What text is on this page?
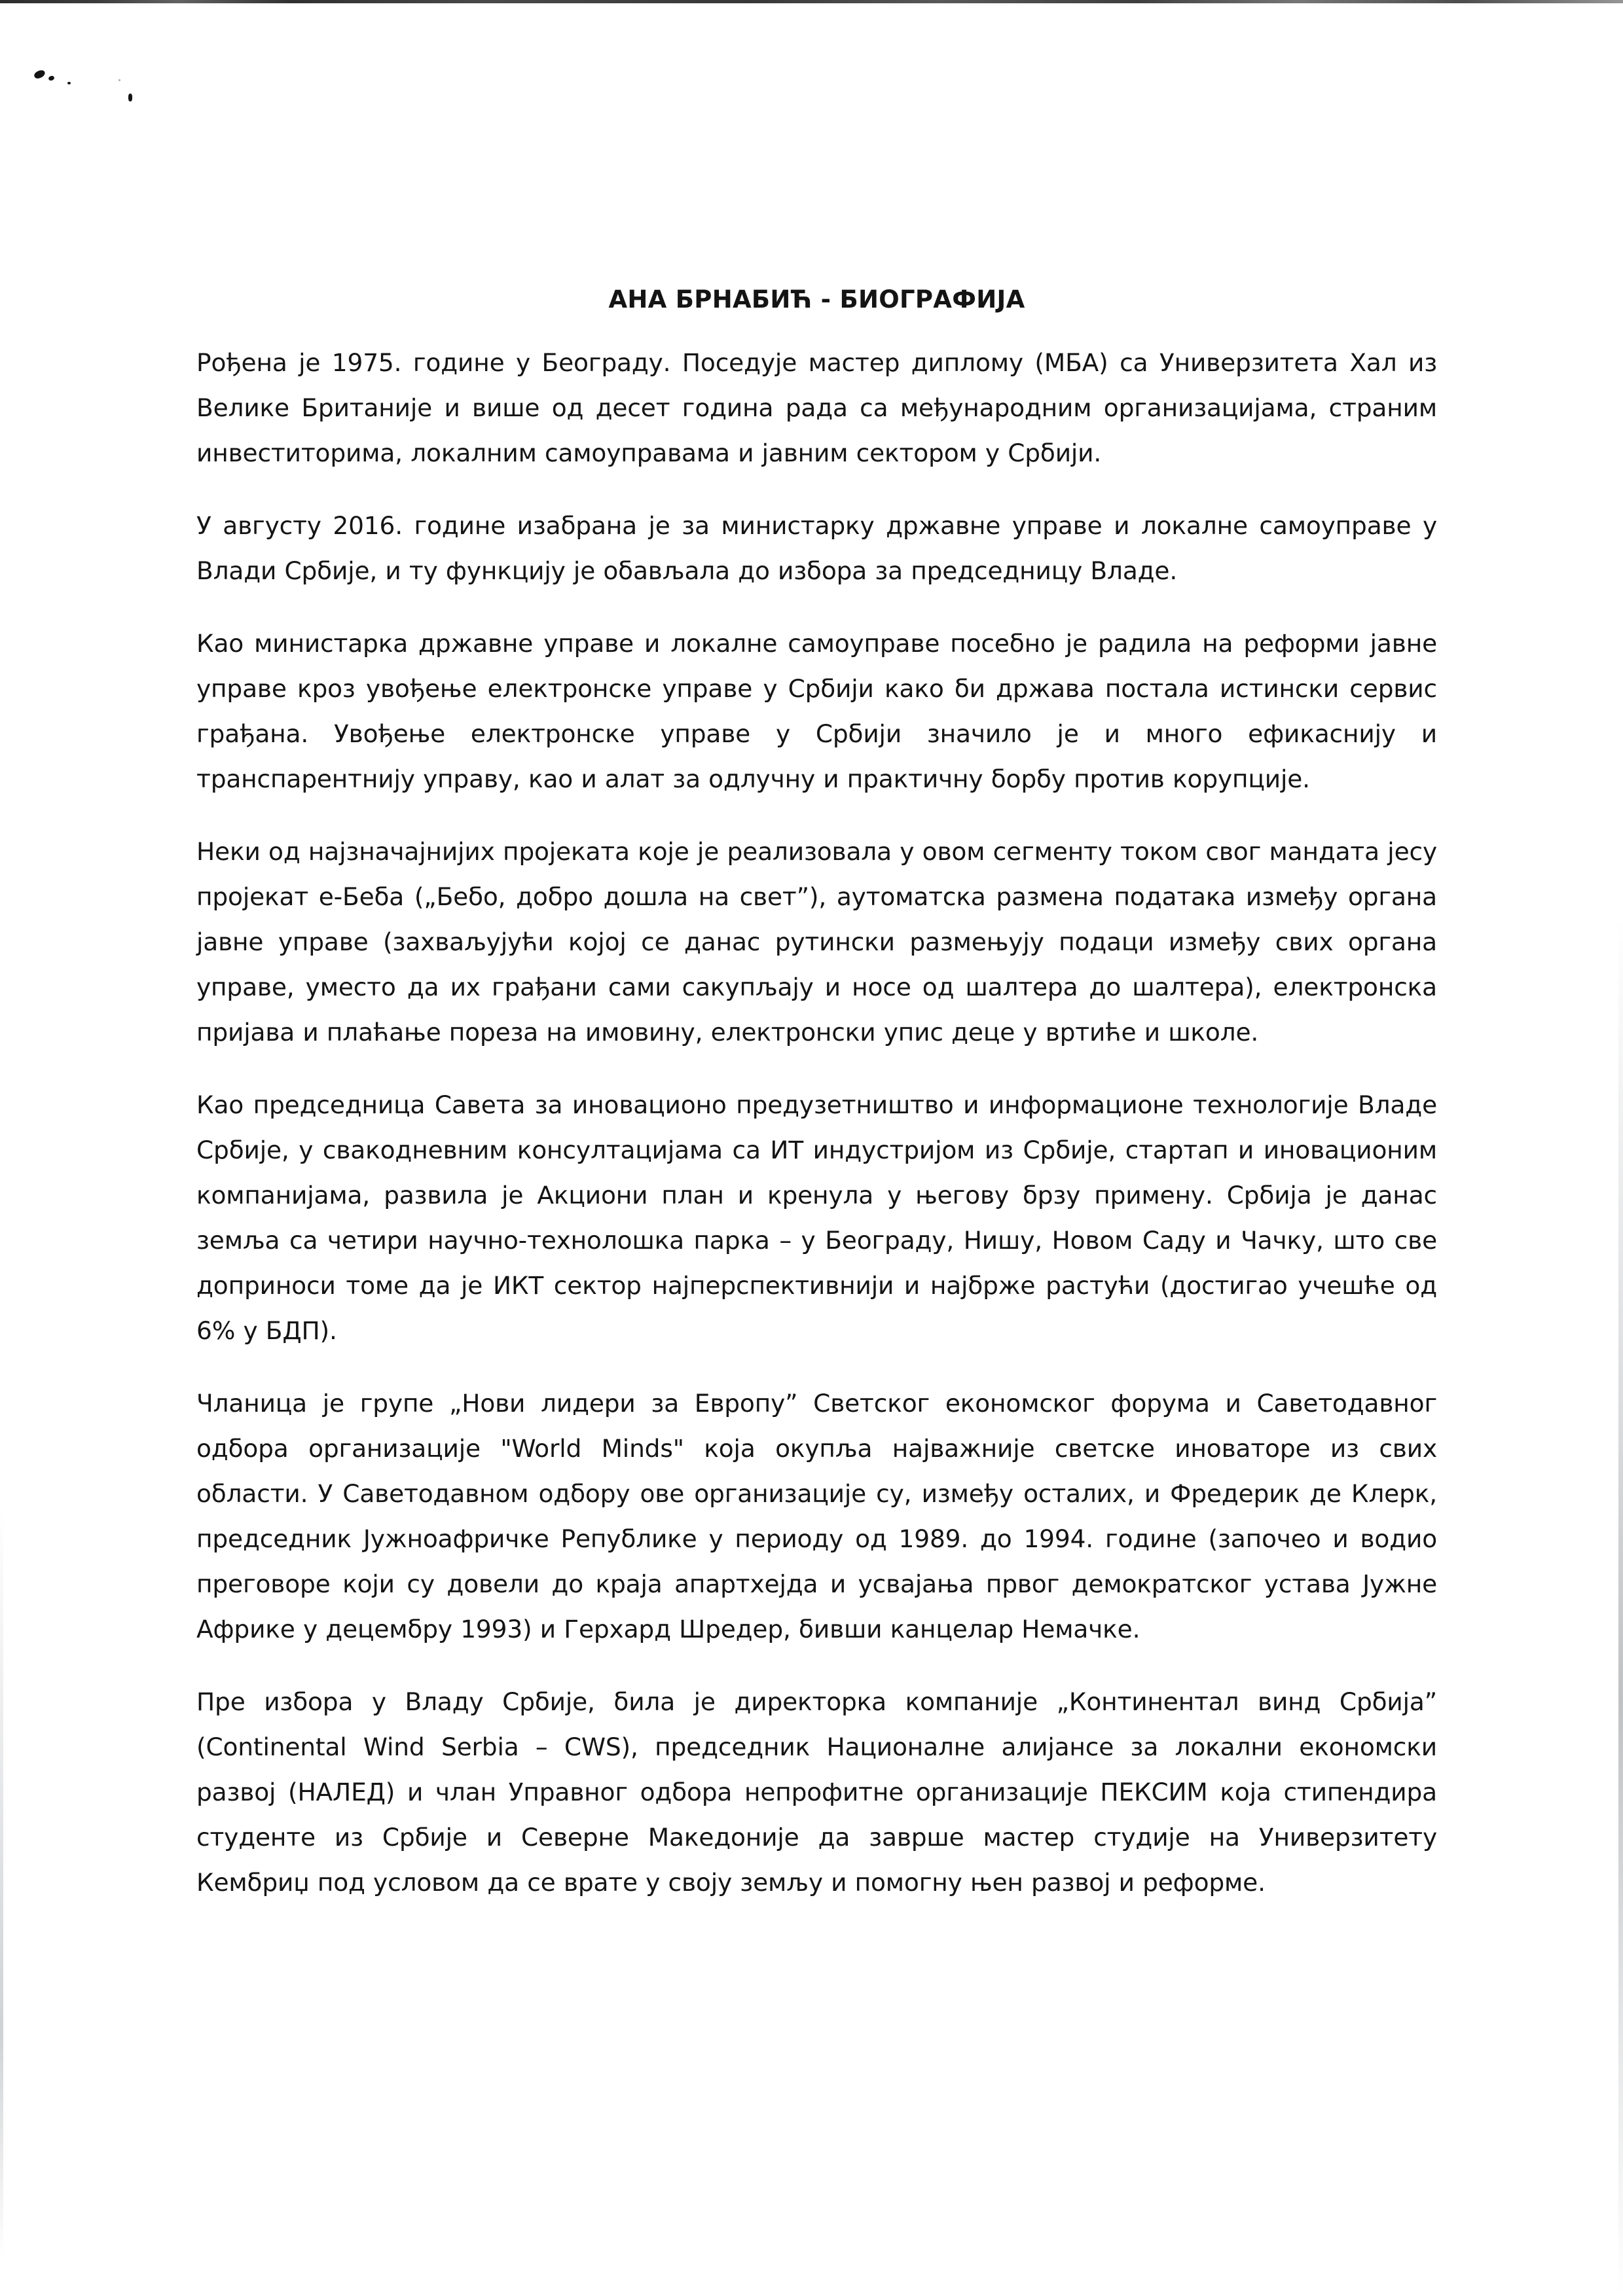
АНА БРНАБИЋ - БИОГРАФИЈА

Рођена је 1975. године у Београду. Поседује мастер диплому (МБА) са Универзитета Хал из Велике Британије и више од десет година рада са међународним организацијама, страним инвеститорима, локалним самоуправама и јавним сектором у Србији.

У августу 2016. године изабрана је за министарку државне управе и локалне самоуправе у Влади Србије, и ту функцију је обављала до избора за председницу Владе.

Као министарка државне управе и локалне самоуправе посебно је радила на реформи јавне управе кроз увођење електронске управе у Србији како би држава постала истински сервис грађана. Увођење електронске управе у Србији значило је и много ефикаснију и транспарентнију управу, као и алат за одлучну и практичну борбу против корупције.

Неки од најзначајнијих пројеката које је реализовала у овом сегменту током свог мандата јесу пројекат е-Беба („Бебо, добро дошла на свет”), аутоматска размена података између органа јавне управе (захваљујући којој се данас рутински размењују подаци између свих органа управе, уместо да их грађани сами сакупљају и носе од шалтера до шалтера), електронска пријава и плаћање пореза на имовину, електронски упис деце у вртиће и школе.

Као председница Савета за иновационо предузетништво и информационе технологије Владе Србије, у свакодневним консултацијама са ИТ индустријом из Србије, стартап и иновационим компанијама, развила је Акциони план и кренула у његову брзу примену. Србија је данас земља са четири научно-технолошка парка – у Београду, Нишу, Новом Саду и Чачку, што све доприноси томе да је ИКТ сектор најперспективнији и најбрже растући (достигао учешће од 6% у БДП).

Чланица је групе „Нови лидери за Европу” Светског економског форума и Саветодавног одбора организације "World Minds" која окупља најважније светске иноваторе из свих области. У Саветодавном одбору ове организације су, између осталих, и Фредерик де Клерк, председник Јужноафричке Републике у периоду од 1989. до 1994. године (започео и водио преговоре који су довели до краја апартхејда и усвајања првог демократског устава Јужне Африке у децембру 1993) и Герхард Шредер, бивши канцелар Немачке.

Пре избора у Владу Србије, била је директорка компаније „Континентал винд Србија” (Continental Wind Serbia – CWS), председник Националне алијансе за локални економски развој (НАЛЕД) и члан Управног одбора непрофитне организације ПЕКСИМ која стипендира студенте из Србије и Северне Македоније да заврше мастер студије на Универзитету Кембриџ под условом да се врате у своју земљу и помогну њен развој и реформе.
